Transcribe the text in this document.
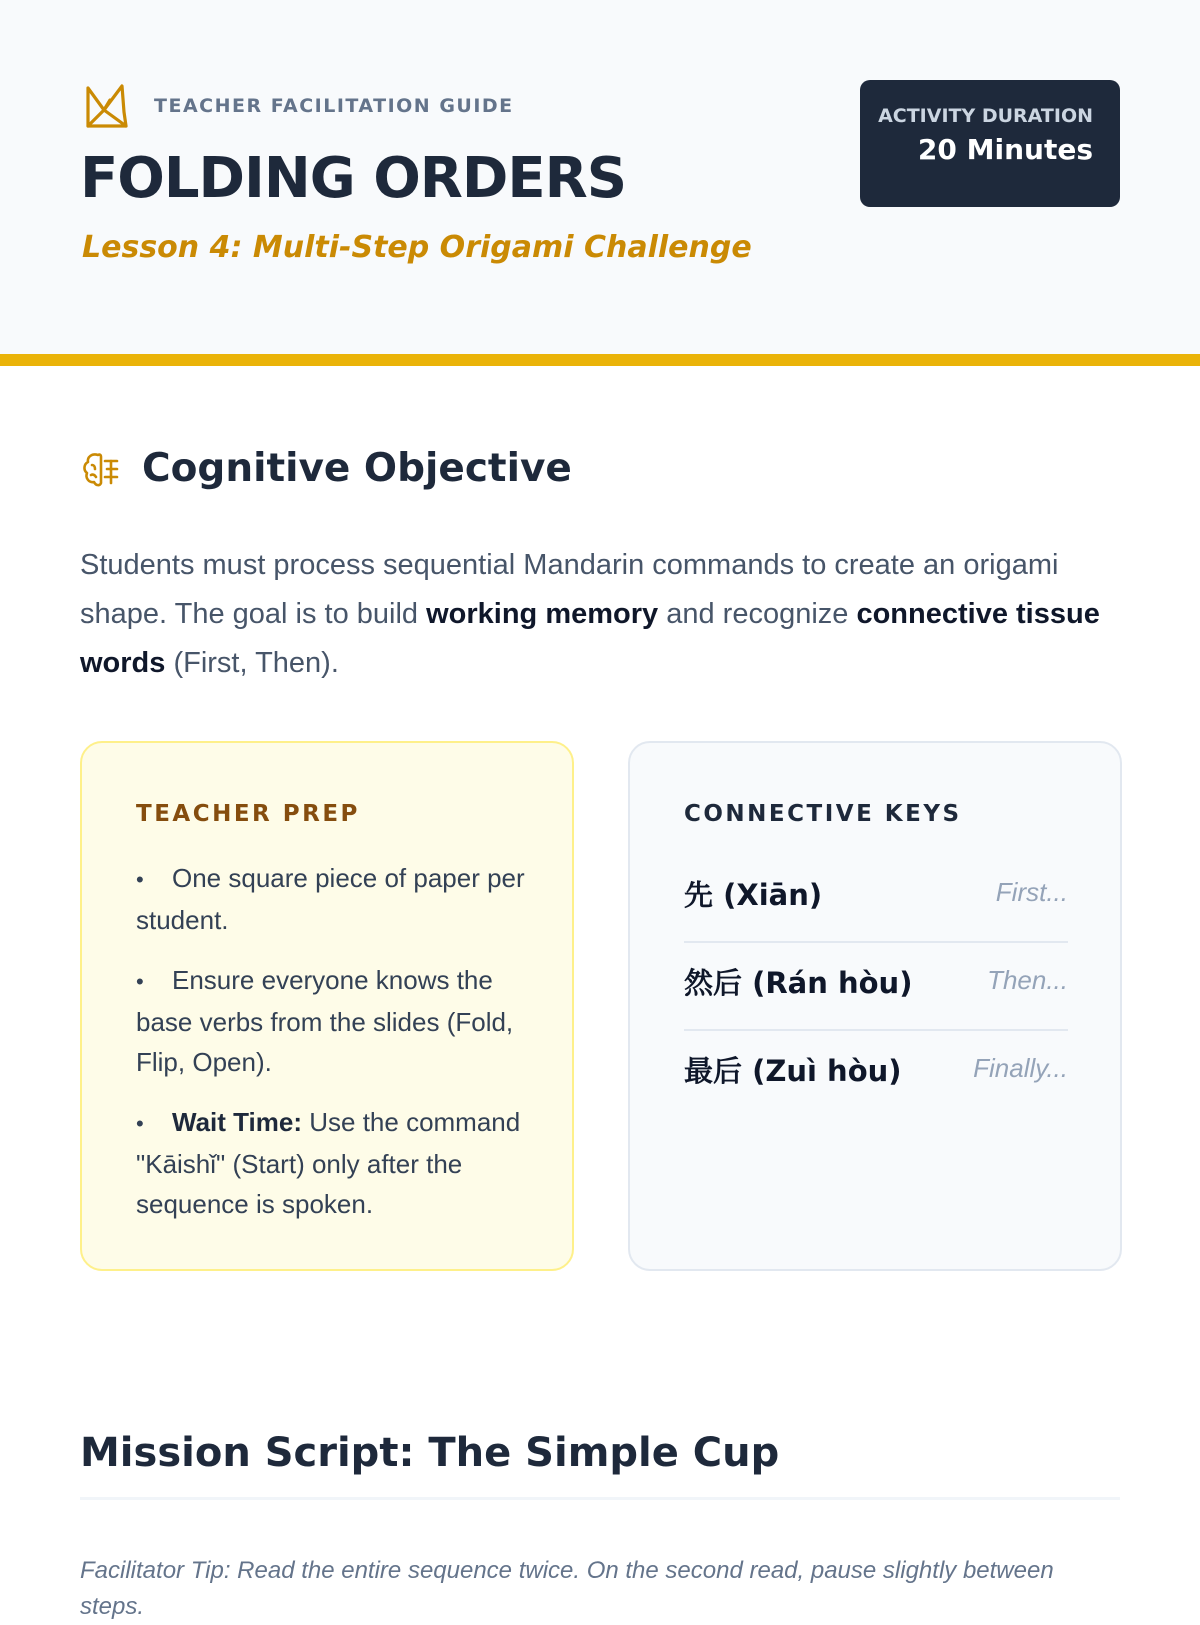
TEACHER FACILITATION GUIDE
FOLDING ORDERS
Lesson 4: Multi-Step Origami Challenge
ACTIVITY DURATION
20 Minutes
Cognitive Objective

Students must process sequential Mandarin commands to create an origami shape. The goal is to build working memory and recognize connective tissue words (First, Then).

TEACHER PREP
• One square piece of paper per student.
• Ensure everyone knows the base verbs from the slides (Fold, Flip, Open).
• Wait Time: Use the command "Kāishǐ" (Start) only after the sequence is spoken.
CONNECTIVE KEYS
先 (Xiān)	First...
然后 (Rán hòu)	Then...
最后 (Zuì hòu)	Finally...
Mission Script: The Simple Cup

Facilitator Tip: Read the entire sequence twice. On the second read, pause slightly between steps.
